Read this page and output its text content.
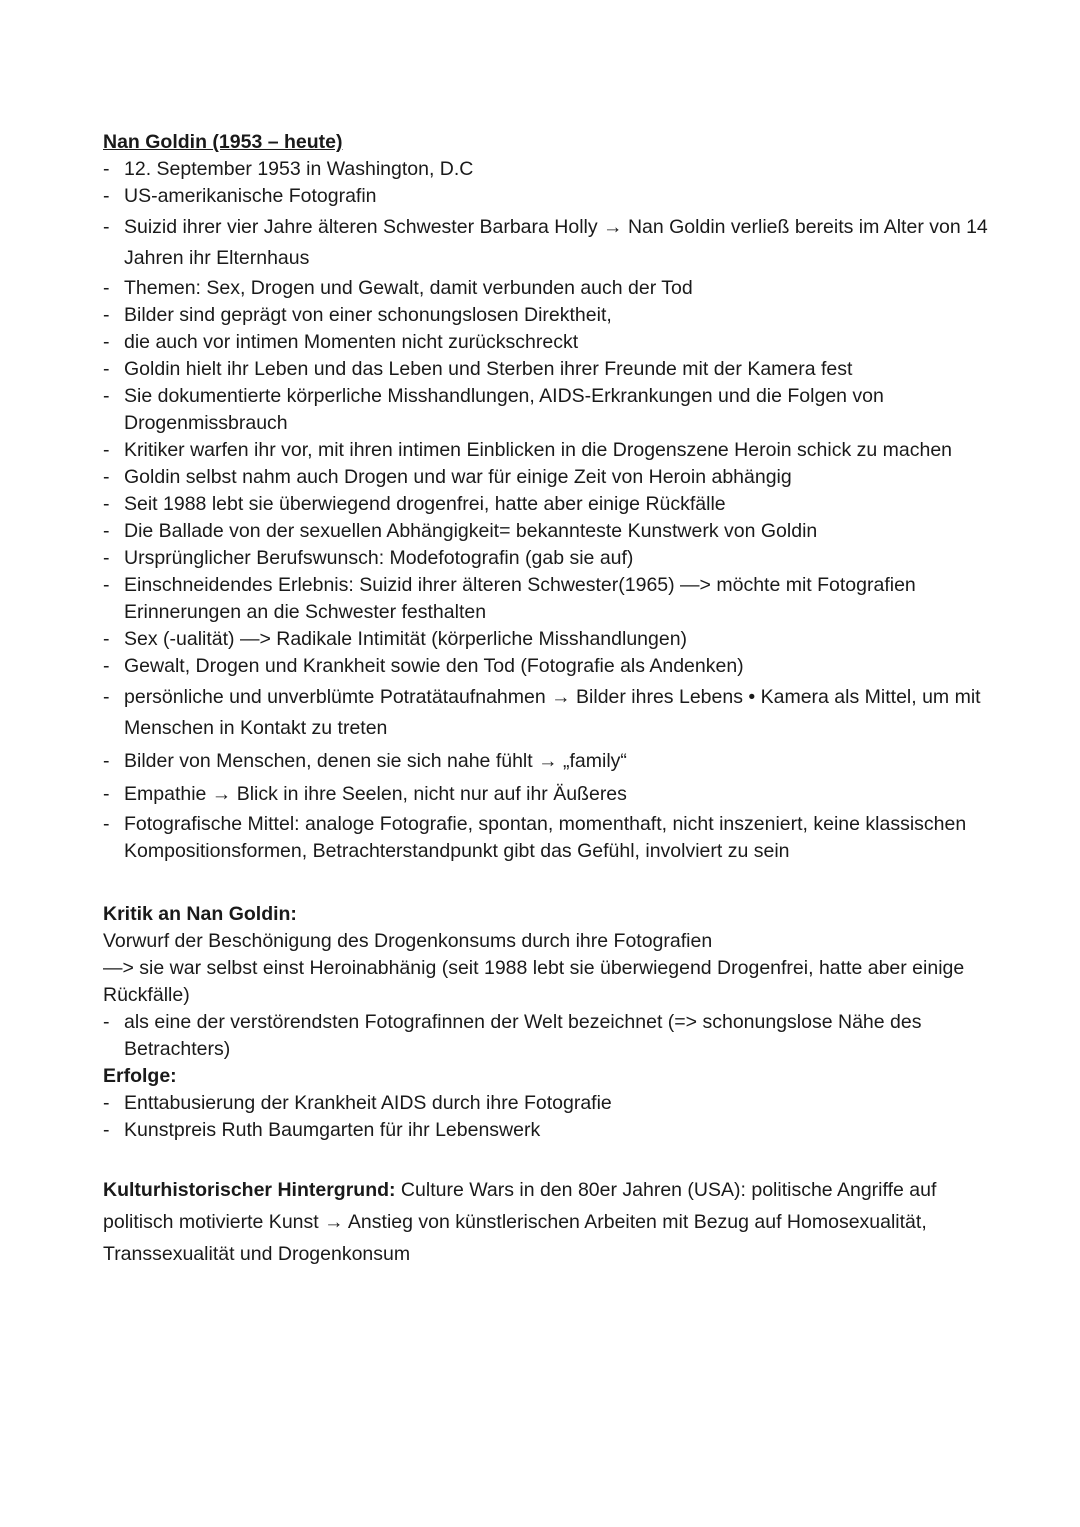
Nan Goldin (1953 – heute)

- 12. September 1953 in Washington, D.C
- US-amerikanische Fotografin
- Suizid ihrer vier Jahre älteren Schwester Barbara Holly → Nan Goldin verließ bereits im Alter von 14 Jahren ihr Elternhaus
- Themen: Sex, Drogen und Gewalt, damit verbunden auch der Tod
- Bilder sind geprägt von einer schonungslosen Direktheit,
- die auch vor intimen Momenten nicht zurückschreckt
- Goldin hielt ihr Leben und das Leben und Sterben ihrer Freunde mit der Kamera fest
- Sie dokumentierte körperliche Misshandlungen, AIDS-Erkrankungen und die Folgen von Drogenmissbrauch
- Kritiker warfen ihr vor, mit ihren intimen Einblicken in die Drogenszene Heroin schick zu machen
- Goldin selbst nahm auch Drogen und war für einige Zeit von Heroin abhängig
- Seit 1988 lebt sie überwiegend drogenfrei, hatte aber einige Rückfälle
- Die Ballade von der sexuellen Abhängigkeit= bekannteste Kunstwerk von Goldin
- Ursprünglicher Berufswunsch: Modefotografin (gab sie auf)
- Einschneidendes Erlebnis: Suizid ihrer älteren Schwester(1965) —> möchte mit Fotografien Erinnerungen an die Schwester festhalten
- Sex (-ualität) —> Radikale Intimität (körperliche Misshandlungen)
- Gewalt, Drogen und Krankheit sowie den Tod (Fotografie als Andenken)
- persönliche und unverblümte Potratätaufnahmen → Bilder ihres Lebens • Kamera als Mittel, um mit Menschen in Kontakt zu treten
- Bilder von Menschen, denen sie sich nahe fühlt → „family“
- Empathie → Blick in ihre Seelen, nicht nur auf ihr Äußeres
- Fotografische Mittel: analoge Fotografie, spontan, momenthaft, nicht inszeniert, keine klassischen Kompositionsformen, Betrachterstandpunkt gibt das Gefühl, involviert zu sein

Kritik an Nan Goldin:

Vorwurf der Beschönigung des Drogenkonsums durch ihre Fotografien

—> sie war selbst einst Heroinabhänig (seit 1988 lebt sie überwiegend Drogenfrei, hatte aber einige Rückfälle)

- als eine der verstörendsten Fotografinnen der Welt bezeichnet (=> schonungslose Nähe des Betrachters)

Erfolge:

- Enttabusierung der Krankheit AIDS durch ihre Fotografie
- Kunstpreis Ruth Baumgarten für ihr Lebenswerk

Kulturhistorischer Hintergrund: Culture Wars in den 80er Jahren (USA): politische Angriffe auf politisch motivierte Kunst → Anstieg von künstlerischen Arbeiten mit Bezug auf Homosexualität, Transsexualität und Drogenkonsum
